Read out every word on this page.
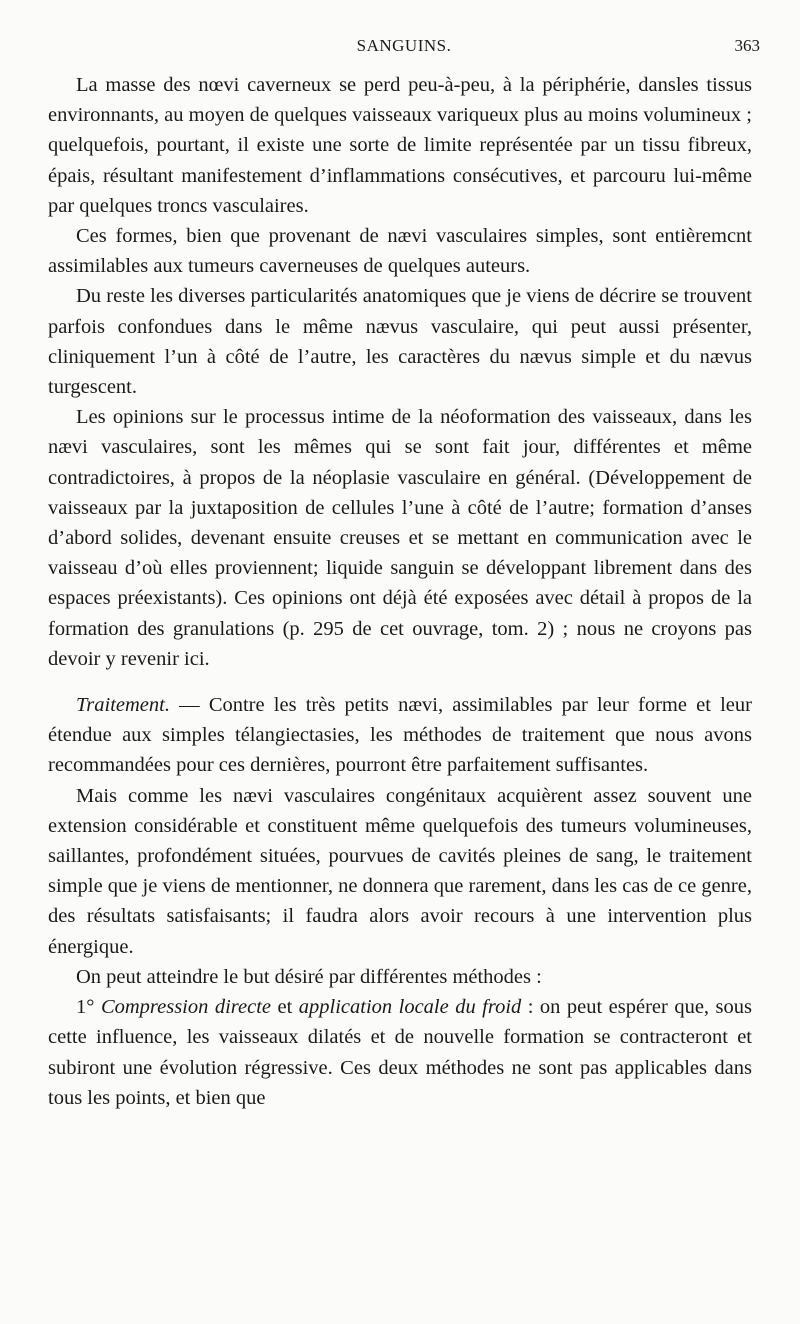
SANGUINS.	363

La masse des nœvi caverneux se perd peu-à-peu, à la périphérie, dansles tissus environnants, au moyen de quelques vaisseaux variqueux plus au moins volumineux ; quelquefois, pourtant, il existe une sorte de limite représentée par un tissu fibreux, épais, résultant manifestement d’inflammations consécutives, et parcouru lui-même par quelques troncs vasculaires.

Ces formes, bien que provenant de nævi vasculaires simples, sont entièremcnt assimilables aux tumeurs caverneuses de quelques auteurs.

Du reste les diverses particularités anatomiques que je viens de décrire se trouvent parfois confondues dans le même nævus vasculaire, qui peut aussi présenter, cliniquement l’un à côté de l’autre, les caractères du nævus simple et du nævus turgescent.

Les opinions sur le processus intime de la néoformation des vaisseaux, dans les nævi vasculaires, sont les mêmes qui se sont fait jour, différentes et même contradictoires, à propos de la néoplasie vasculaire en général. (Développement de vaisseaux par la juxtaposition de cellules l’une à côté de l’autre; formation d’anses d’abord solides, devenant ensuite creuses et se mettant en communication avec le vaisseau d’où elles proviennent; liquide sanguin se développant librement dans des espaces préexistants). Ces opinions ont déjà été exposées avec détail à propos de la formation des granulations (p. 295 de cet ouvrage, tom. 2) ; nous ne croyons pas devoir y revenir ici.

Traitement. — Contre les très petits nævi, assimilables par leur forme et leur étendue aux simples télangiectasies, les méthodes de traitement que nous avons recommandées pour ces dernières, pourront être parfaitement suffisantes.

Mais comme les nævi vasculaires congénitaux acquièrent assez souvent une extension considérable et constituent même quelquefois des tumeurs volumineuses, saillantes, profondément situées, pourvues de cavités pleines de sang, le traitement simple que je viens de mentionner, ne donnera que rarement, dans les cas de ce genre, des résultats satisfaisants; il faudra alors avoir recours à une intervention plus énergique.

On peut atteindre le but désiré par différentes méthodes :

1° Compression directe et application locale du froid : on peut espérer que, sous cette influence, les vaisseaux dilatés et de nouvelle formation se contracteront et subiront une évolution régressive. Ces deux méthodes ne sont pas applicables dans tous les points, et bien que
